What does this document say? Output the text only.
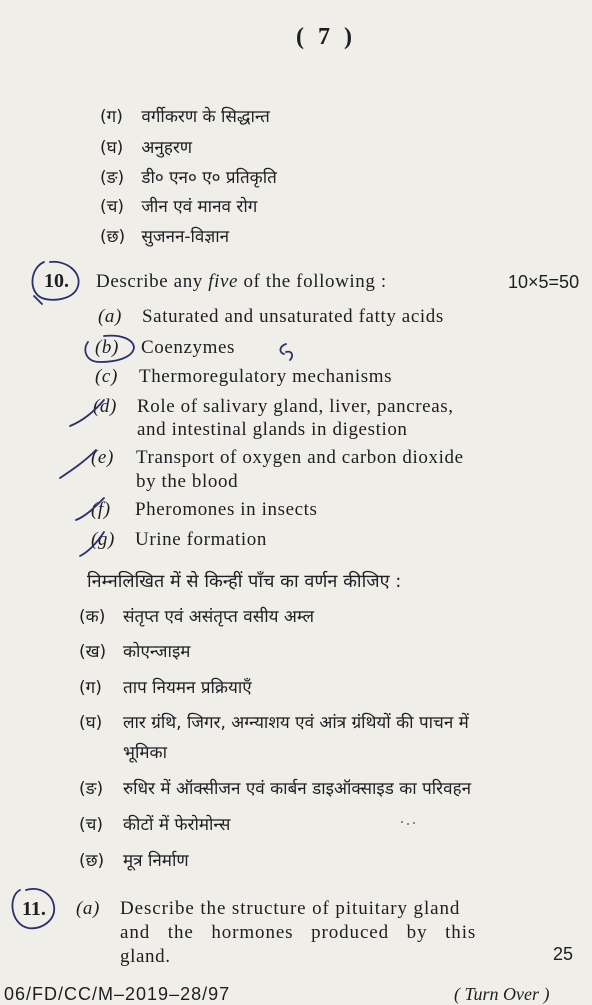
( 7 )
(ग) वर्गीकरण के सिद्धान्त
(घ) अनुहरण
(ङ) डी० एन० ए० प्रतिकृति
(च) जीन एवं मानव रोग
(छ) सुजनन-विज्ञान
10. Describe any five of the following :	10×5=50
(a) Saturated and unsaturated fatty acids
(b) Coenzymes
(c) Thermoregulatory mechanisms
(d) Role of salivary gland, liver, pancreas,
and intestinal glands in digestion
(e) Transport of oxygen and carbon dioxide
by the blood
(f) Pheromones in insects
(g) Urine formation
निम्नलिखित में से किन्हीं पाँच का वर्णन कीजिए :
(क) संतृप्त एवं असंतृप्त वसीय अम्ल
(ख) कोएन्जाइम
(ग) ताप नियमन प्रक्रियाएँ
(घ) लार ग्रंथि, जिगर, अग्न्याशय एवं आंत्र ग्रंथियों की पाचन में
भूमिका
(ङ) रुधिर में ऑक्सीजन एवं कार्बन डाइऑक्साइड का परिवहन
(च) कीटों में फेरोमोन्स
(छ) मूत्र निर्माण
11. (a) Describe the structure of pituitary gland
and the hormones produced by this
gland.	25
06/FD/CC/M–2019–28/97	( Turn Over )
